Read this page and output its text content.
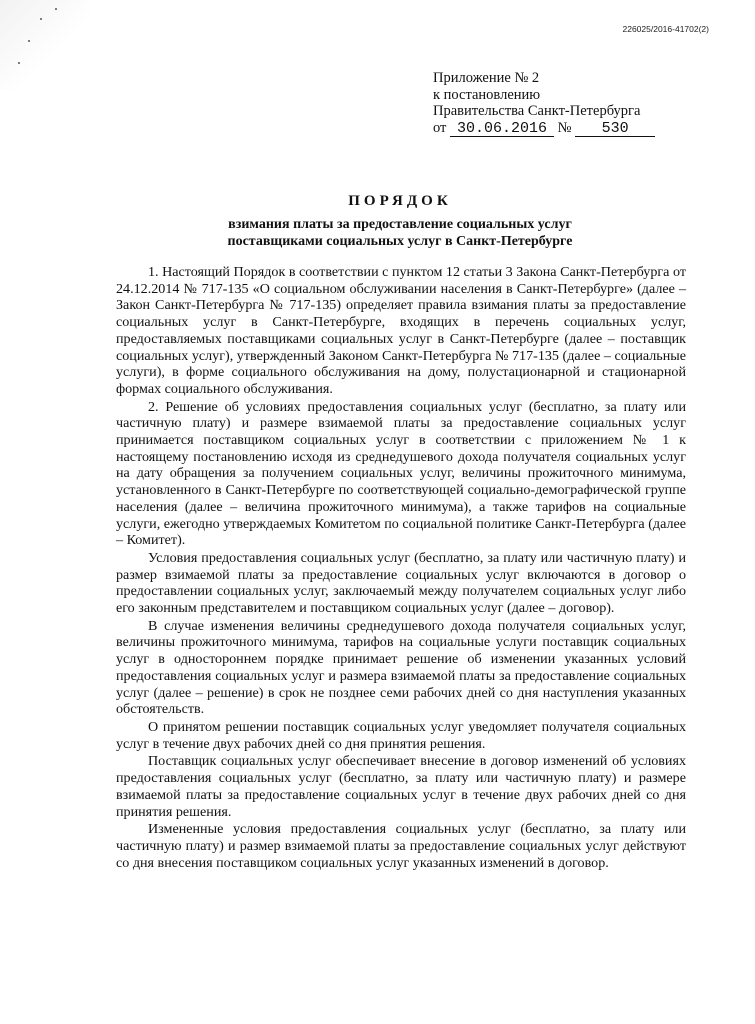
226025/2016-41702(2)
Приложение № 2
к постановлению
Правительства Санкт-Петербурга
от 30.06.2016 № 530
ПОРЯДОК
взимания платы за предоставление социальных услуг
поставщиками социальных услуг в Санкт-Петербурге

1. Настоящий Порядок в соответствии с пунктом 12 статьи 3 Закона Санкт-Петербурга от 24.12.2014 № 717-135 «О социальном обслуживании населения в Санкт-Петербурге» (далее – Закон Санкт-Петербурга № 717-135) определяет правила взимания платы за предоставление социальных услуг в Санкт-Петербурге, входящих в перечень социальных услуг, предоставляемых поставщиками социальных услуг в Санкт-Петербурге (далее – поставщик социальных услуг), утвержденный Законом Санкт-Петербурга № 717-135 (далее – социальные услуги), в форме социального обслуживания на дому, полустационарной и стационарной формах социального обслуживания.

2. Решение об условиях предоставления социальных услуг (бесплатно, за плату или частичную плату) и размере взимаемой платы за предоставление социальных услуг принимается поставщиком социальных услуг в соответствии с приложением № 1 к настоящему постановлению исходя из среднедушевого дохода получателя социальных услуг на дату обращения за получением социальных услуг, величины прожиточного минимума, установленного в Санкт-Петербурге по соответствующей социально-демографической группе населения (далее – величина прожиточного минимума), а также тарифов на социальные услуги, ежегодно утверждаемых Комитетом по социальной политике Санкт-Петербурга (далее – Комитет).

Условия предоставления социальных услуг (бесплатно, за плату или частичную плату) и размер взимаемой платы за предоставление социальных услуг включаются в договор о предоставлении социальных услуг, заключаемый между получателем социальных услуг либо его законным представителем и поставщиком социальных услуг (далее – договор).

В случае изменения величины среднедушевого дохода получателя социальных услуг, величины прожиточного минимума, тарифов на социальные услуги поставщик социальных услуг в одностороннем порядке принимает решение об изменении указанных условий предоставления социальных услуг и размера взимаемой платы за предоставление социальных услуг (далее – решение) в срок не позднее семи рабочих дней со дня наступления указанных обстоятельств.

О принятом решении поставщик социальных услуг уведомляет получателя социальных услуг в течение двух рабочих дней со дня принятия решения.

Поставщик социальных услуг обеспечивает внесение в договор изменений об условиях предоставления социальных услуг (бесплатно, за плату или частичную плату) и размере взимаемой платы за предоставление социальных услуг в течение двух рабочих дней со дня принятия решения.

Измененные условия предоставления социальных услуг (бесплатно, за плату или частичную плату) и размер взимаемой платы за предоставление социальных услуг действуют со дня внесения поставщиком социальных услуг указанных изменений в договор.
